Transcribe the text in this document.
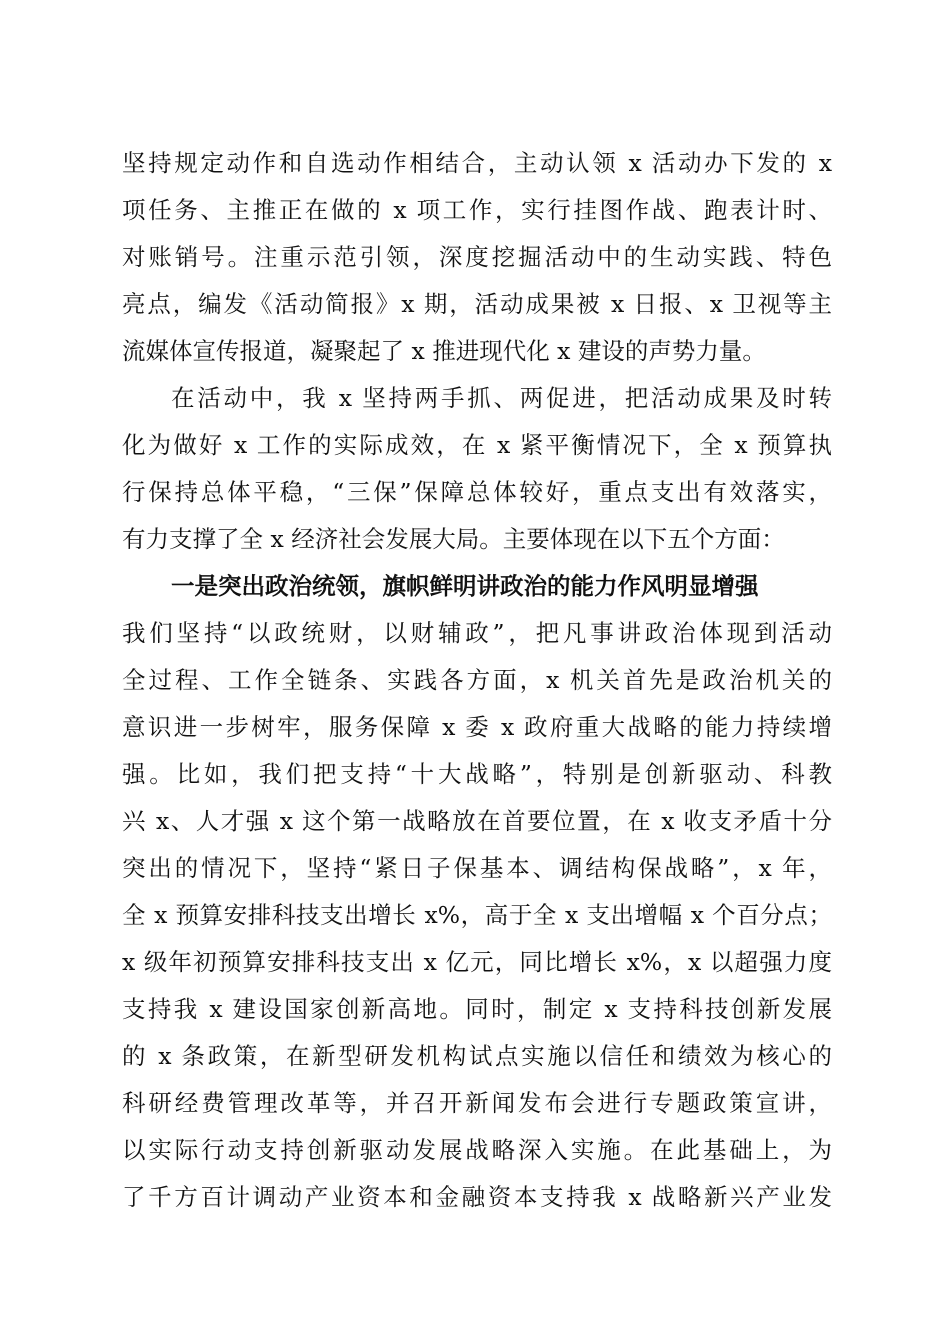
坚持规定动作和自选动作相结合，主动认领 x 活动办下发的 x
项任务、主推正在做的 x 项工作，实行挂图作战、跑表计时、
对账销号。注重示范引领，深度挖掘活动中的生动实践、特色
亮点，编发《活动简报》x 期，活动成果被 x 日报、x 卫视等主
流媒体宣传报道，凝聚起了 x 推进现代化 x 建设的声势力量。
在活动中，我 x 坚持两手抓、两促进，把活动成果及时转
化为做好 x 工作的实际成效，在 x 紧平衡情况下，全 x 预算执
行保持总体平稳，“三保”保障总体较好，重点支出有效落实，
有力支撑了全 x 经济社会发展大局。主要体现在以下五个方面：
一是突出政治统领，旗帜鲜明讲政治的能力作风明显增强
我们坚持“以政统财，以财辅政”，把凡事讲政治体现到活动
全过程、工作全链条、实践各方面，x 机关首先是政治机关的
意识进一步树牢，服务保障 x 委 x 政府重大战略的能力持续增
强。比如，我们把支持“十大战略”，特别是创新驱动、科教
兴 x、人才强 x 这个第一战略放在首要位置，在 x 收支矛盾十分
突出的情况下，坚持“紧日子保基本、调结构保战略”，x 年，
全 x 预算安排科技支出增长 x%，高于全 x 支出增幅 x 个百分点；
x 级年初预算安排科技支出 x 亿元，同比增长 x%，x 以超强力度
支持我 x 建设国家创新高地。同时，制定 x 支持科技创新发展
的 x 条政策，在新型研发机构试点实施以信任和绩效为核心的
科研经费管理改革等，并召开新闻发布会进行专题政策宣讲，
以实际行动支持创新驱动发展战略深入实施。在此基础上，为
了千方百计调动产业资本和金融资本支持我 x 战略新兴产业发
